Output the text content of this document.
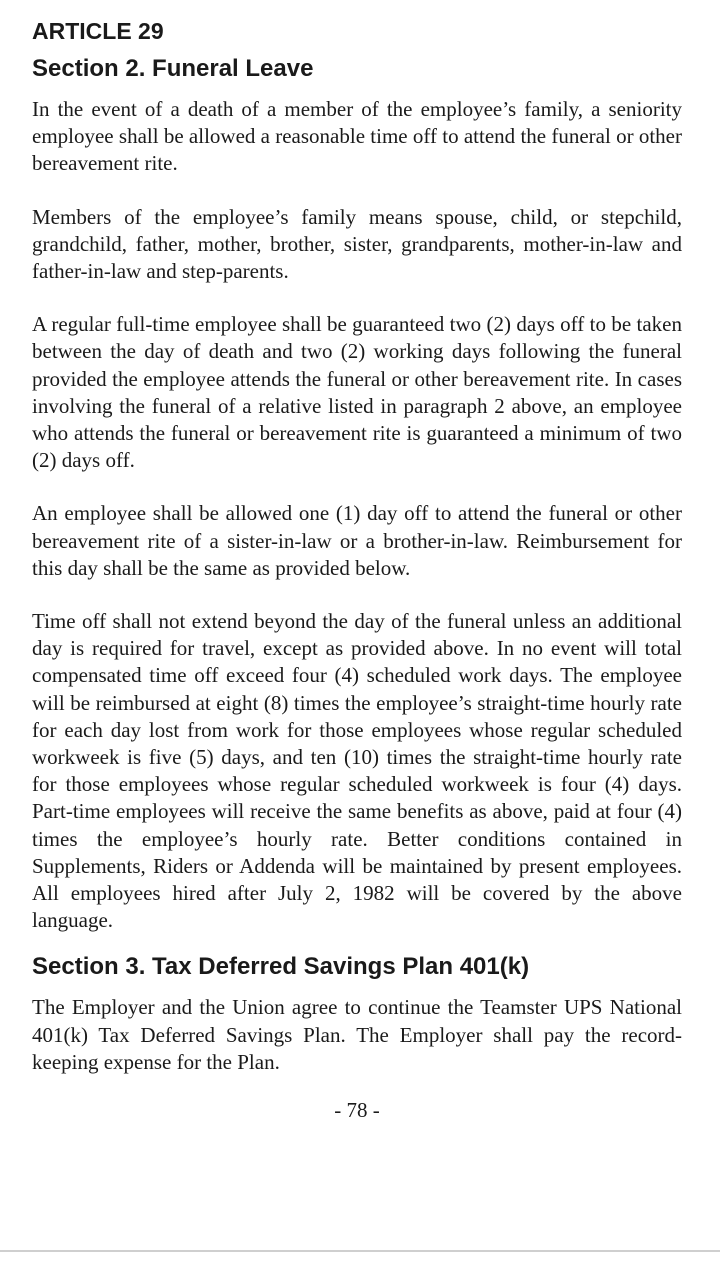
ARTICLE 29
Section 2. Funeral Leave

In the event of a death of a member of the employee’s family, a seniority employee shall be allowed a reasonable time off to attend the funeral or other bereavement rite.

Members of the employee’s family means spouse, child, or stepchild, grandchild, father, mother, brother, sister, grandparents, mother-in-law and father-in-law and step-parents.

A regular full-time employee shall be guaranteed two (2) days off to be taken between the day of death and two (2) working days following the funeral provided the employee attends the funeral or other bereavement rite. In cases involving the funeral of a relative listed in paragraph 2 above, an employee who attends the funeral or bereavement rite is guaranteed a minimum of two (2) days off.

An employee shall be allowed one (1) day off to attend the funeral or other bereavement rite of a sister-in-law or a brother-in-law. Reimbursement for this day shall be the same as provided below.

Time off shall not extend beyond the day of the funeral unless an additional day is required for travel, except as provided above. In no event will total compensated time off exceed four (4) scheduled work days. The employee will be reimbursed at eight (8) times the employee’s straight-time hourly rate for each day lost from work for those employees whose regular scheduled workweek is five (5) days, and ten (10) times the straight-time hourly rate for those employees whose regular scheduled workweek is four (4) days. Part-time employees will receive the same benefits as above, paid at four (4) times the employee’s hourly rate. Better conditions contained in Supplements, Riders or Addenda will be maintained by present employees. All employees hired after July 2, 1982 will be covered by the above language.

Section 3. Tax Deferred Savings Plan 401(k)

The Employer and the Union agree to continue the Teamster UPS National 401(k) Tax Deferred Savings Plan. The Employer shall pay the record-keeping expense for the Plan.

- 78 -
